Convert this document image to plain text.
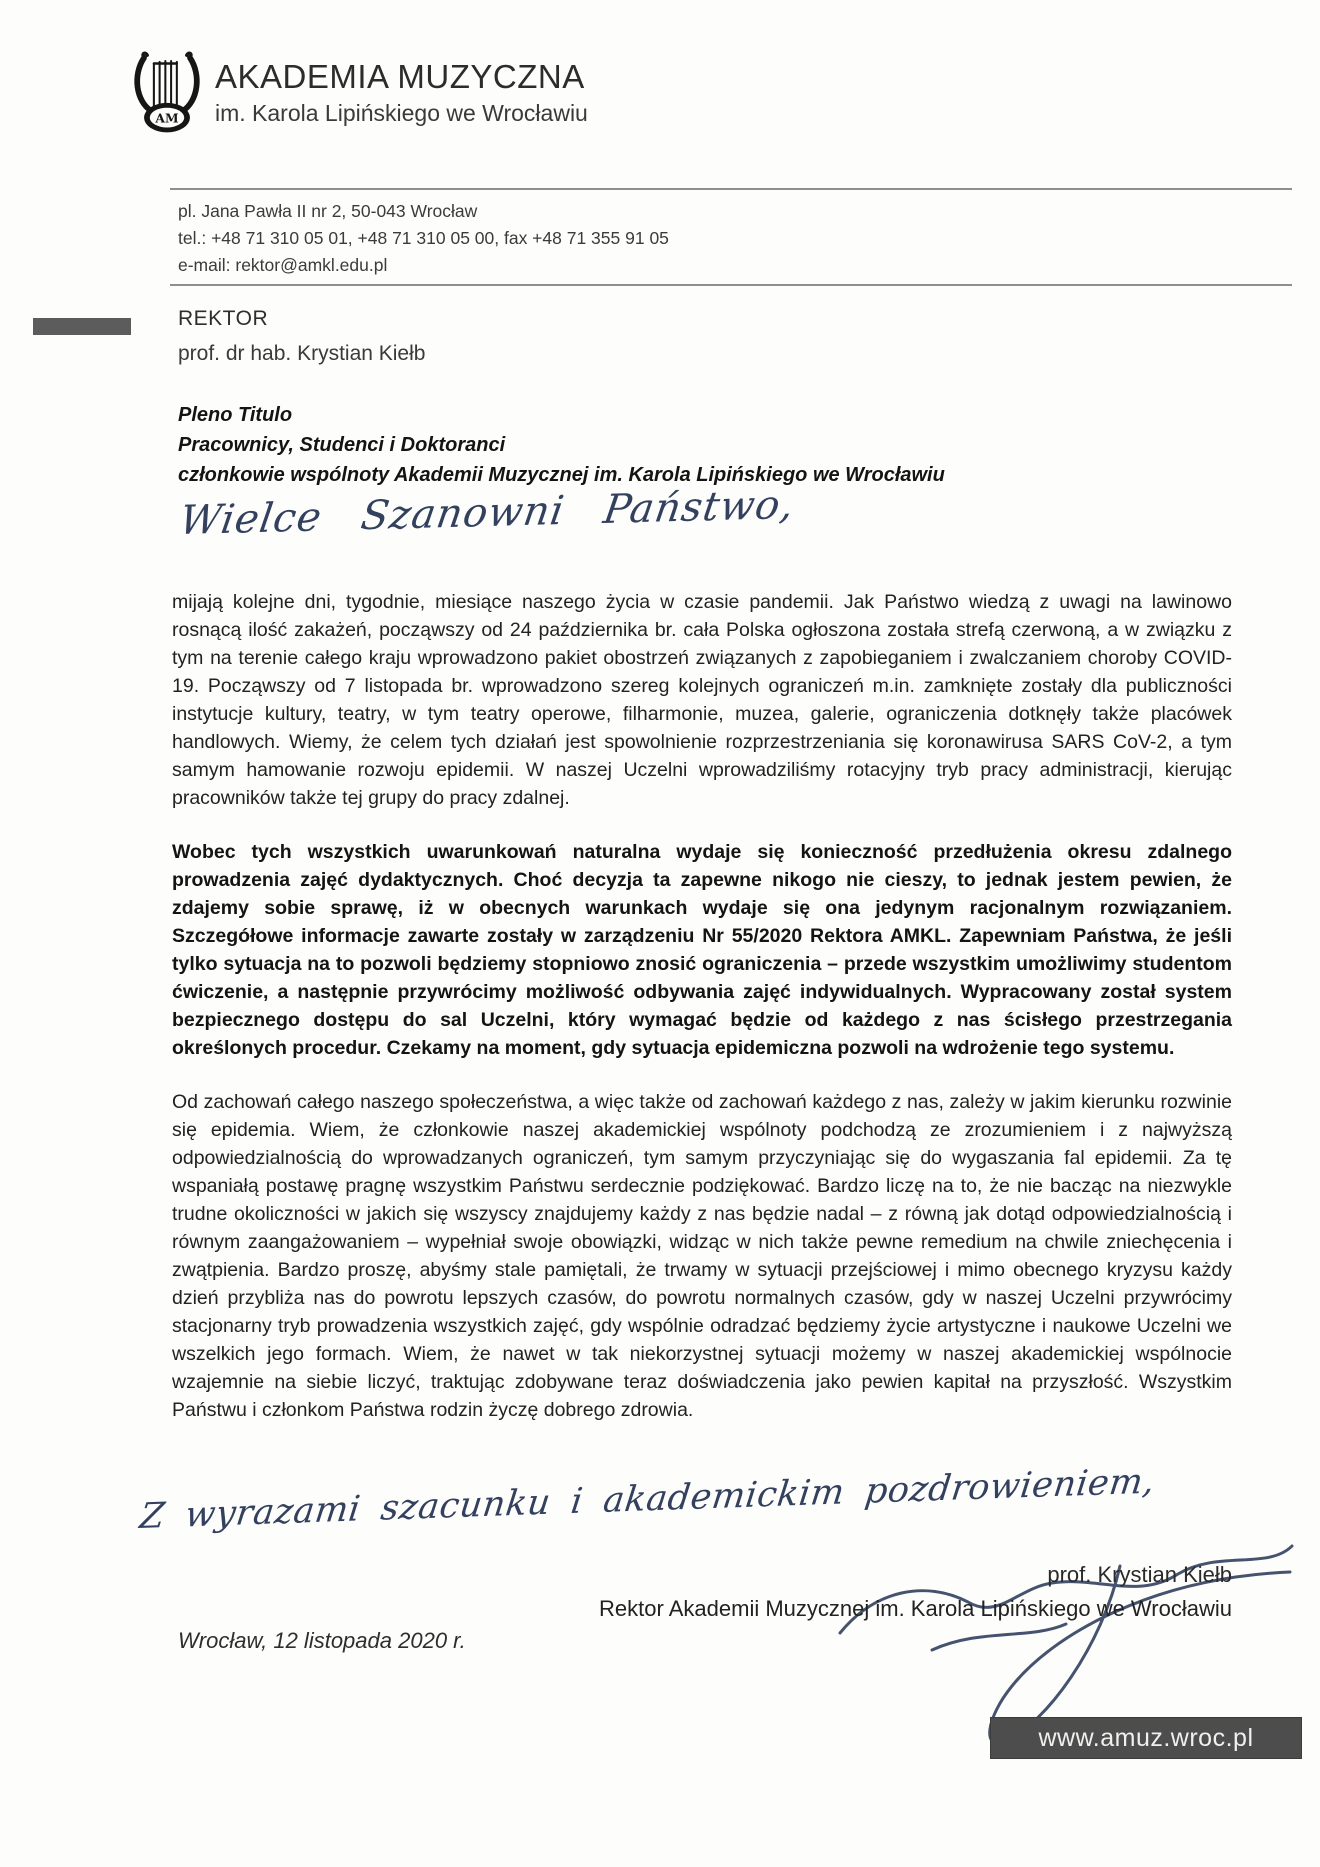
AM
AKADEMIA MUZYCZNA
im. Karola Lipińskiego we Wrocławiu
pl. Jana Pawła II nr 2, 50-043 Wrocław
tel.: +48 71 310 05 01, +48 71 310 05 00, fax +48 71 355 91 05
e-mail: rektor@amkl.edu.pl
REKTOR
prof. dr hab. Krystian Kiełb
Pleno Titulo
Pracownicy, Studenci i Doktoranci
członkowie wspólnoty Akademii Muzycznej im. Karola Lipińskiego we Wrocławiu
Wielce Szanowni Państwo,

mijają kolejne dni, tygodnie, miesiące naszego życia w czasie pandemii. Jak Państwo wiedzą z uwagi na lawinowo rosnącą ilość zakażeń, począwszy od 24 października br. cała Polska ogłoszona została strefą czerwoną, a w związku z tym na terenie całego kraju wprowadzono pakiet obostrzeń związanych z zapobieganiem i zwalczaniem choroby COVID-19. Począwszy od 7 listopada br. wprowadzono szereg kolejnych ograniczeń m.in. zamknięte zostały dla publiczności instytucje kultury, teatry, w tym teatry operowe, filharmonie, muzea, galerie, ograniczenia dotknęły także placówek handlowych. Wiemy, że celem tych działań jest spowolnienie rozprzestrzeniania się koronawirusa SARS CoV-2, a tym samym hamowanie rozwoju epidemii. W naszej Uczelni wprowadziliśmy rotacyjny tryb pracy administracji, kierując pracowników także tej grupy do pracy zdalnej.

Wobec tych wszystkich uwarunkowań naturalna wydaje się konieczność przedłużenia okresu zdalnego prowadzenia zajęć dydaktycznych. Choć decyzja ta zapewne nikogo nie cieszy, to jednak jestem pewien, że zdajemy sobie sprawę, iż w obecnych warunkach wydaje się ona jedynym racjonalnym rozwiązaniem. Szczegółowe informacje zawarte zostały w zarządzeniu Nr 55/2020 Rektora AMKL. Zapewniam Państwa, że jeśli tylko sytuacja na to pozwoli będziemy stopniowo znosić ograniczenia – przede wszystkim umożliwimy studentom ćwiczenie, a następnie przywrócimy możliwość odbywania zajęć indywidualnych. Wypracowany został system bezpiecznego dostępu do sal Uczelni, który wymagać będzie od każdego z nas ścisłego przestrzegania określonych procedur. Czekamy na moment, gdy sytuacja epidemiczna pozwoli na wdrożenie tego systemu.

Od zachowań całego naszego społeczeństwa, a więc także od zachowań każdego z nas, zależy w jakim kierunku rozwinie się epidemia. Wiem, że członkowie naszej akademickiej wspólnoty podchodzą ze zrozumieniem i z najwyższą odpowiedzialnością do wprowadzanych ograniczeń, tym samym przyczyniając się do wygaszania fal epidemii. Za tę wspaniałą postawę pragnę wszystkim Państwu serdecznie podziękować. Bardzo liczę na to, że nie bacząc na niezwykle trudne okoliczności w jakich się wszyscy znajdujemy każdy z nas będzie nadal – z równą jak dotąd odpowiedzialnością i równym zaangażowaniem – wypełniał swoje obowiązki, widząc w nich także pewne remedium na chwile zniechęcenia i zwątpienia. Bardzo proszę, abyśmy stale pamiętali, że trwamy w sytuacji przejściowej i mimo obecnego kryzysu każdy dzień przybliża nas do powrotu lepszych czasów, do powrotu normalnych czasów, gdy w naszej Uczelni przywrócimy stacjonarny tryb prowadzenia wszystkich zajęć, gdy wspólnie odradzać będziemy życie artystyczne i naukowe Uczelni we wszelkich jego formach. Wiem, że nawet w tak niekorzystnej sytuacji możemy w naszej akademickiej wspólnocie wzajemnie na siebie liczyć, traktując zdobywane teraz doświadczenia jako pewien kapitał na przyszłość. Wszystkim Państwu i członkom Państwa rodzin życzę dobrego zdrowia.

Z wyrazami szacunku i akademickim pozdrowieniem,
prof. Krystian Kiełb
Rektor Akademii Muzycznej im. Karola Lipińskiego we Wrocławiu
Wrocław, 12 listopada 2020 r.
www.amuz.wroc.pl
